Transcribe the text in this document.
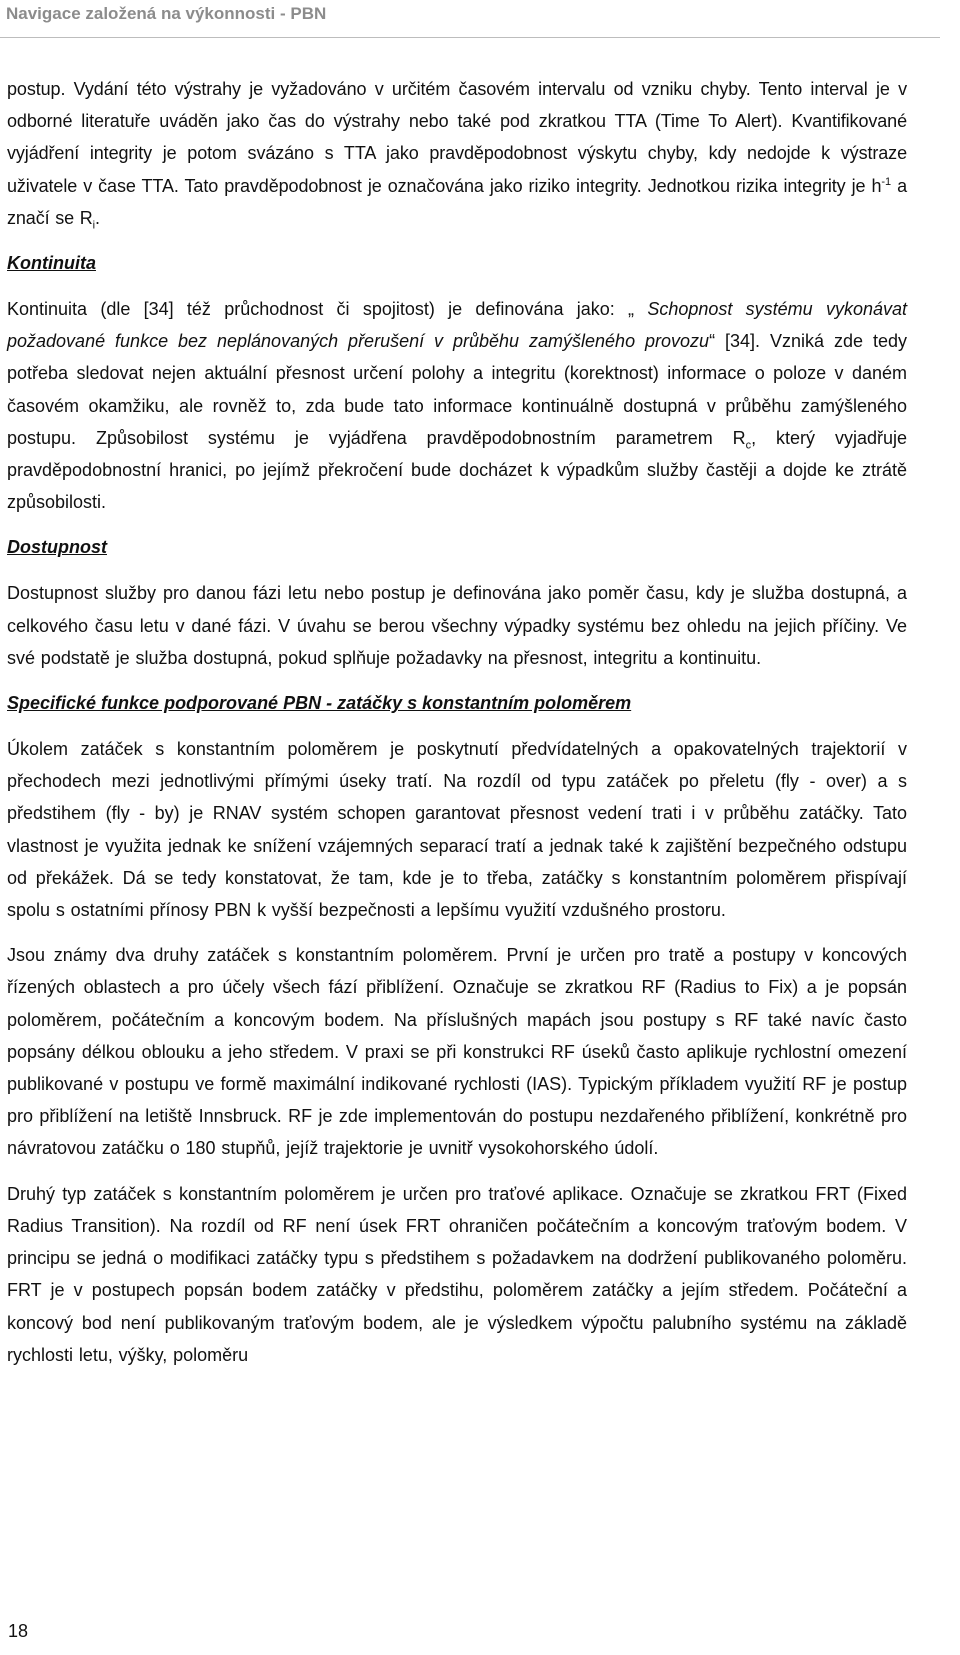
Navigace založená na výkonnosti - PBN

postup. Vydání této výstrahy je vyžadováno v určitém časovém intervalu od vzniku chyby. Tento interval je v odborné literatuře uváděn jako čas do výstrahy nebo také pod zkratkou TTA (Time To Alert). Kvantifikované vyjádření integrity je potom svázáno s TTA jako pravděpodobnost výskytu chyby, kdy nedojde k výstraze uživatele v čase TTA. Tato pravděpodobnost je označována jako riziko integrity. Jednotkou rizika integrity je $h^{-1}$ a značí se $R_i$.

Kontinuita

Kontinuita (dle [34] též průchodnost či spojitost) je definována jako: „ Schopnost systému vykonávat požadované funkce bez neplánovaných přerušení v průběhu zamýšleného provozu“ [34]. Vzniká zde tedy potřeba sledovat nejen aktuální přesnost určení polohy a integritu (korektnost) informace o poloze v daném časovém okamžiku, ale rovněž to, zda bude tato informace kontinuálně dostupná v průběhu zamýšleného postupu. Způsobilost systému je vyjádřena pravděpodobnostním parametrem $R_c$, který vyjadřuje pravděpodobnostní hranici, po jejímž překročení bude docházet k výpadkům služby častěji a dojde ke ztrátě způsobilosti.

Dostupnost

Dostupnost služby pro danou fázi letu nebo postup je definována jako poměr času, kdy je služba dostupná, a celkového času letu v dané fázi. V úvahu se berou všechny výpadky systému bez ohledu na jejich příčiny. Ve své podstatě je služba dostupná, pokud splňuje požadavky na přesnost, integritu a kontinuitu.

Specifické funkce podporované PBN - zatáčky s konstantním poloměrem

Úkolem zatáček s konstantním poloměrem je poskytnutí předvídatelných a opakovatelných trajektorií v přechodech mezi jednotlivými přímými úseky tratí. Na rozdíl od typu zatáček po přeletu (fly - over) a s předstihem (fly - by) je RNAV systém schopen garantovat přesnost vedení trati i v průběhu zatáčky. Tato vlastnost je využita jednak ke snížení vzájemných separací tratí a jednak také k zajištění bezpečného odstupu od překážek. Dá se tedy konstatovat, že tam, kde je to třeba, zatáčky s konstantním poloměrem přispívají spolu s ostatními přínosy PBN k vyšší bezpečnosti a lepšímu využití vzdušného prostoru.

Jsou známy dva druhy zatáček s konstantním poloměrem. První je určen pro tratě a postupy v koncových řízených oblastech a pro účely všech fází přiblížení. Označuje se zkratkou RF (Radius to Fix) a je popsán poloměrem, počátečním a koncovým bodem. Na příslušných mapách jsou postupy s RF také navíc často popsány délkou oblouku a jeho středem. V praxi se při konstrukci RF úseků často aplikuje rychlostní omezení publikované v postupu ve formě maximální indikované rychlosti (IAS). Typickým příkladem využití RF je postup pro přiblížení na letiště Innsbruck. RF je zde implementován do postupu nezdařeného přiblížení, konkrétně pro návratovou zatáčku o 180 stupňů, jejíž trajektorie je uvnitř vysokohorského údolí.

Druhý typ zatáček s konstantním poloměrem je určen pro traťové aplikace. Označuje se zkratkou FRT (Fixed Radius Transition). Na rozdíl od RF není úsek FRT ohraničen počátečním a koncovým traťovým bodem. V principu se jedná o modifikaci zatáčky typu s předstihem s požadavkem na dodržení publikovaného poloměru. FRT je v postupech popsán bodem zatáčky v předstihu, poloměrem zatáčky a jejím středem. Počáteční a koncový bod není publikovaným traťovým bodem, ale je výsledkem výpočtu palubního systému na základě rychlosti letu, výšky, poloměru

18
